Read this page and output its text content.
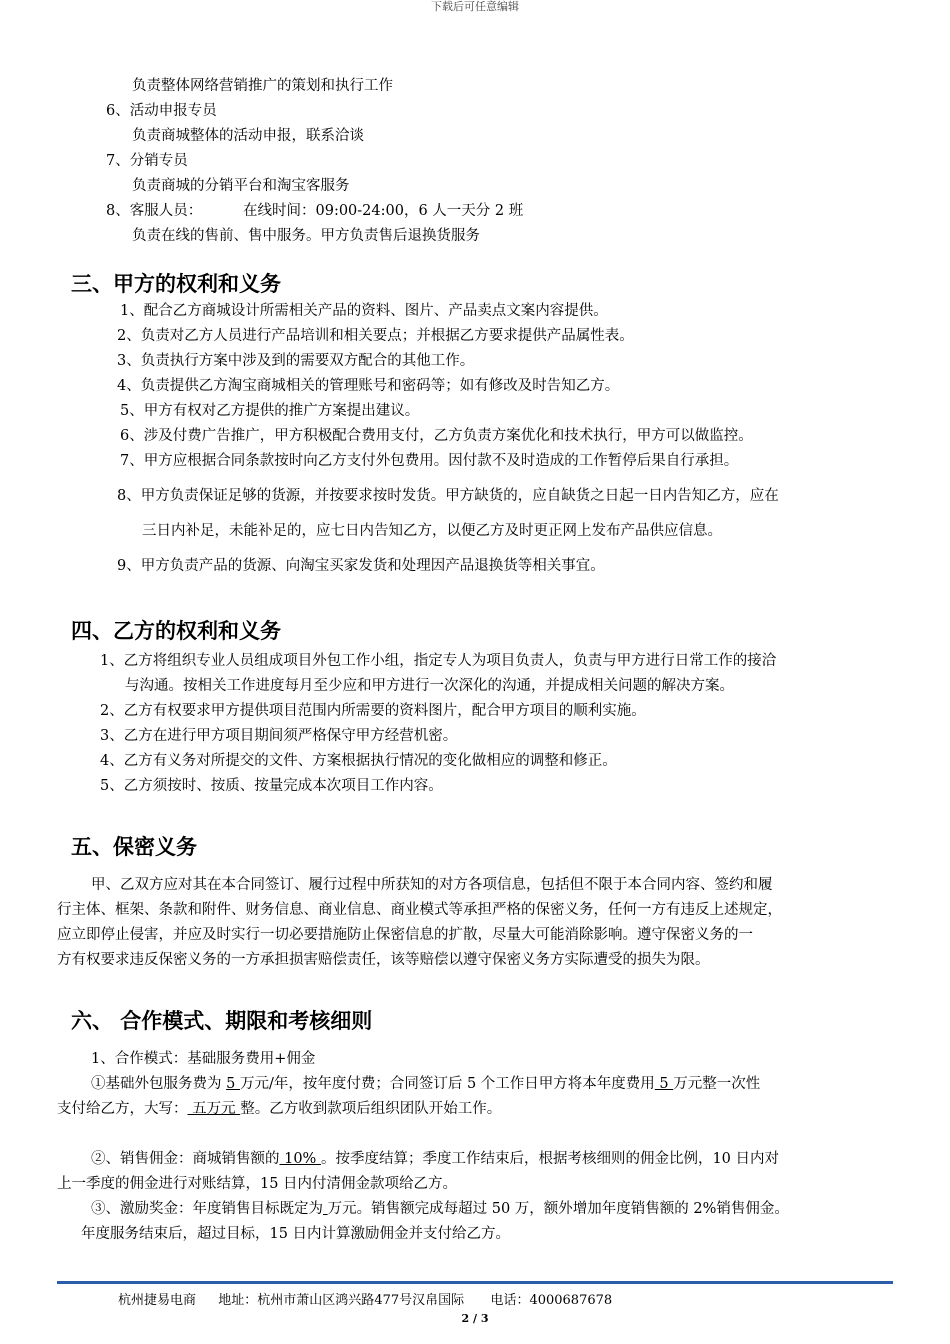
下载后可任意编辑
负责整体网络营销推广的策划和执行工作
6、活动申报专员
负责商城整体的活动申报，联系洽谈
7、分销专员
负责商城的分销平台和淘宝客服务
8、客服人员：	在线时间：09:00-24:00，6 人一天分 2 班
负责在线的售前、售中服务。甲方负责售后退换货服务
三、甲方的权利和义务
1、配合乙方商城设计所需相关产品的资料、图片、产品卖点文案内容提供。
2、负责对乙方人员进行产品培训和相关要点；并根据乙方要求提供产品属性表。
3、负责执行方案中涉及到的需要双方配合的其他工作。
4、负责提供乙方淘宝商城相关的管理账号和密码等；如有修改及时告知乙方。
5、甲方有权对乙方提供的推广方案提出建议。
6、涉及付费广告推广，甲方积极配合费用支付，乙方负责方案优化和技术执行，甲方可以做监控。
7、甲方应根据合同条款按时向乙方支付外包费用。因付款不及时造成的工作暂停后果自行承担。
8、甲方负责保证足够的货源，并按要求按时发货。甲方缺货的，应自缺货之日起一日内告知乙方，应在
三日内补足，未能补足的，应七日内告知乙方，以便乙方及时更正网上发布产品供应信息。
9、甲方负责产品的货源、向淘宝买家发货和处理因产品退换货等相关事宜。
四、乙方的权利和义务
1、乙方将组织专业人员组成项目外包工作小组，指定专人为项目负责人，负责与甲方进行日常工作的接洽
与沟通。按相关工作进度每月至少应和甲方进行一次深化的沟通，并提成相关问题的解决方案。
2、乙方有权要求甲方提供项目范围内所需要的资料图片，配合甲方项目的顺利实施。
3、乙方在进行甲方项目期间须严格保守甲方经营机密。
4、乙方有义务对所提交的文件、方案根据执行情况的变化做相应的调整和修正。
5、乙方须按时、按质、按量完成本次项目工作内容。
五、保密义务
甲、乙双方应对其在本合同签订、履行过程中所获知的对方各项信息，包括但不限于本合同内容、签约和履
行主体、框架、条款和附件、财务信息、商业信息、商业模式等承担严格的保密义务，任何一方有违反上述规定，
应立即停止侵害，并应及时实行一切必要措施防止保密信息的扩散，尽量大可能消除影响。遵守保密义务的一
方有权要求违反保密义务的一方承担损害赔偿责任，该等赔偿以遵守保密义务方实际遭受的损失为限。
六、 合作模式、期限和考核细则
1、合作模式：基础服务费用+佣金
①基础外包服务费为 5 万元/年，按年度付费；合同签订后 5 个工作日甲方将本年度费用 5 万元整一次性
支付给乙方，大写： 五万元 整。乙方收到款项后组织团队开始工作。
②、销售佣金：商城销售额的 10% 。按季度结算；季度工作结束后，根据考核细则的佣金比例，10 日内对
上一季度的佣金进行对账结算，15 日内付清佣金款项给乙方。
③、激励奖金：年度销售目标既定为 万元。销售额完成每超过 50 万，额外增加年度销售额的 2%销售佣金。
年度服务结束后，超过目标，15 日内计算激励佣金并支付给乙方。
杭州捷易电商 地址：杭州市萧山区鸿兴路477号汉帛国际 电话：4000687678
2 / 3
